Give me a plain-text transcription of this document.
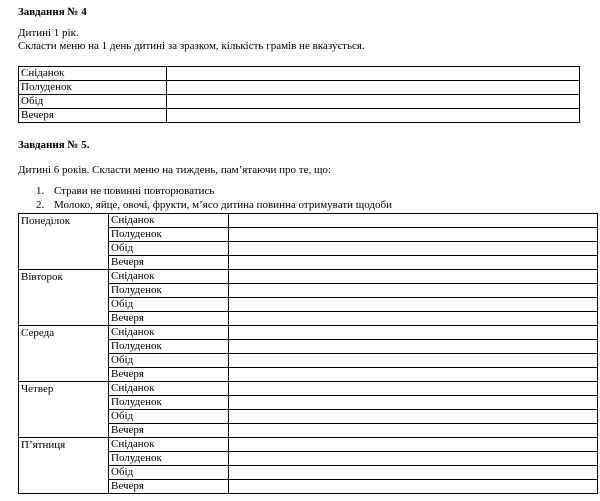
Завдання № 4
Дитині 1 рік.
Скласти меню на 1 день дитині за зразком, кількість грамів не вказується.
Сніданок	
Полуденок	
Обід	
Вечеря	
Завдання № 5.
Дитині 6 років. Скласти меню на тиждень, пам’ятаючи про те, що:
1. Страви не повинні повторюватись
2. Молоко, яйце, овочі, фрукти, м’ясо дитина повинна отримувати щодоби
Понеділок	Сніданок	
	Полуденок	
	Обід	
	Вечеря	
Вівторок	Сніданок	
	Полуденок	
	Обід	
	Вечеря	
Середа	Сніданок	
	Полуденок	
	Обід	
	Вечеря	
Четвер	Сніданок	
	Полуденок	
	Обід	
	Вечеря	
П’ятниця	Сніданок	
	Полуденок	
	Обід	
	Вечеря	
